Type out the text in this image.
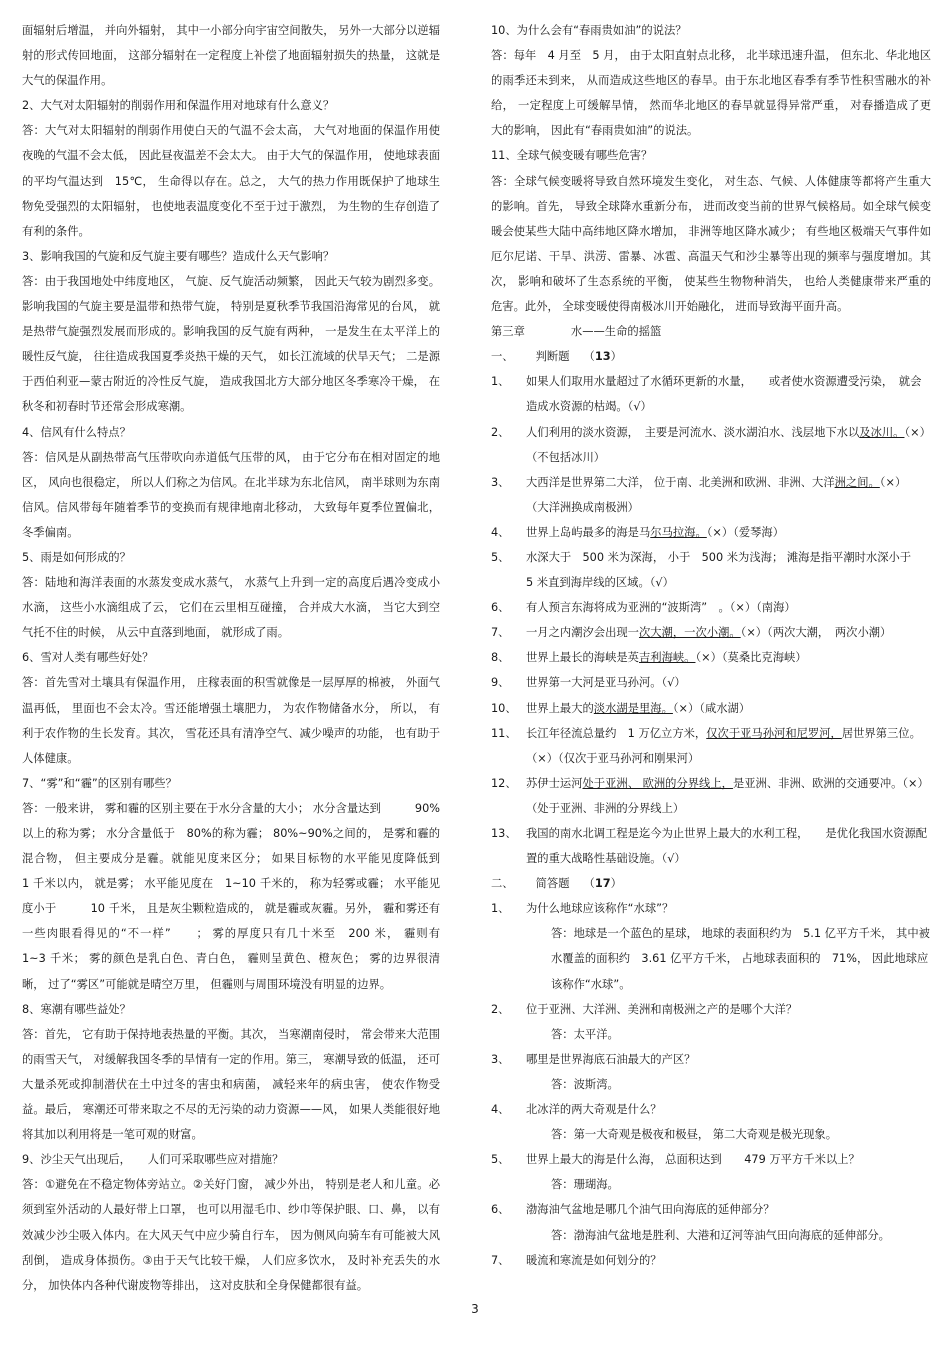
面辐射后增温， 并向外辐射， 其中一小部分向宇宙空间散失， 另外一大部分以逆辐射的形式传回地面， 这部分辐射在一定程度上补偿了地面辐射损失的热量， 这就是大气的保温作用。

2、大气对太阳辐射的削弱作用和保温作用对地球有什么意义？

答：大气对太阳辐射的削弱作用使白天的气温不会太高， 大气对地面的保温作用使夜晚的气温不会太低， 因此昼夜温差不会太大。 由于大气的保温作用， 使地球表面的平均气温达到　15℃， 生命得以存在。总之， 大气的热力作用既保护了地球生物免受强烈的太阳辐射， 也使地表温度变化不至于过于激烈， 为生物的生存创造了有利的条件。

3、影响我国的气旋和反气旋主要有哪些？造成什么天气影响？

答：由于我国地处中纬度地区， 气旋、反气旋活动频繁， 因此天气较为剧烈多变。影响我国的气旋主要是温带和热带气旋， 特别是夏秋季节我国沿海常见的台风， 就是热带气旋强烈发展而形成的。影响我国的反气旋有两种， 一是发生在太平洋上的暖性反气旋， 往往造成我国夏季炎热干燥的天气， 如长江流域的伏旱天气； 二是源于西伯利亚—蒙古附近的冷性反气旋， 造成我国北方大部分地区冬季寒冷干燥， 在秋冬和初春时节还常会形成寒潮。

4、信风有什么特点？

答：信风是从副热带高气压带吹向赤道低气压带的风， 由于它分布在相对固定的地区， 风向也很稳定， 所以人们称之为信风。在北半球为东北信风， 南半球则为东南信风。信风带每年随着季节的变换而有规律地南北移动， 大致每年夏季位置偏北，冬季偏南。

5、雨是如何形成的？

答：陆地和海洋表面的水蒸发变成水蒸气， 水蒸气上升到一定的高度后遇冷变成小水滴， 这些小水滴组成了云， 它们在云里相互碰撞， 合并成大水滴， 当它大到空气托不住的时候， 从云中直落到地面， 就形成了雨。

6、雪对人类有哪些好处？

答：首先雪对土壤具有保温作用， 庄稼表面的积雪就像是一层厚厚的棉被， 外面气温再低， 里面也不会太冷。雪还能增强土壤肥力， 为农作物储备水分， 所以， 有利于农作物的生长发育。其次， 雪花还具有清净空气、减少噪声的功能， 也有助于人体健康。

7、“雾”和“霾”的区别有哪些？

答：一般来讲， 雾和霾的区别主要在于水分含量的大小； 水分含量达到　　　90%以上的称为雾； 水分含量低于　80%的称为霾； 80%~90%之间的， 是雾和霾的混合物， 但主要成分是霾。就能见度来区分； 如果目标物的水平能见度降低到　　　1 千米以内， 就是雾； 水平能见度在　1~10 千米的， 称为轻雾或霾； 水平能见度小于　　　10 千米， 且是灰尘颗粒造成的， 就是霾或灰霾。另外， 霾和雾还有一些肉眼看得见的“不一样”　　； 雾的厚度只有几十米至　200 米， 霾则有　1~3 千米； 雾的颜色是乳白色、青白色， 霾则呈黄色、橙灰色； 雾的边界很清晰， 过了“雾区”可能就是晴空万里， 但霾则与周围环境没有明显的边界。

8、寒潮有哪些益处？

答：首先， 它有助于保持地表热量的平衡。其次， 当寒潮南侵时， 常会带来大范围的雨雪天气， 对缓解我国冬季的旱情有一定的作用。第三， 寒潮导致的低温， 还可大量杀死或抑制潜伏在土中过冬的害虫和病菌， 减轻来年的病虫害， 使农作物受益。最后， 寒潮还可带来取之不尽的无污染的动力资源——风， 如果人类能很好地将其加以利用将是一笔可观的财富。

9、沙尘天气出现后，　　人们可采取哪些应对措施？

答：①避免在不稳定物体旁站立。②关好门窗， 减少外出， 特别是老人和儿童。必须到室外活动的人最好带上口罩， 也可以用湿毛巾、纱巾等保护眼、口、鼻， 以有效减少沙尘吸入体内。在大风天气中应少骑自行车， 因为侧风向骑车有可能被大风刮倒， 造成身体损伤。③由于天气比较干燥， 人们应多饮水， 及时补充丢失的水分， 加快体内各种代谢废物等排出， 这对皮肤和全身保健都很有益。

10、为什么会有“春雨贵如油”的说法？

答：每年　4 月至　5 月， 由于太阳直射点北移， 北半球迅速升温， 但东北、华北地区的雨季还未到来， 从而造成这些地区的春旱。由于东北地区春季有季节性积雪融水的补给， 一定程度上可缓解旱情， 然而华北地区的春旱就显得异常严重， 对春播造成了更大的影响， 因此有“春雨贵如油”的说法。

11、全球气候变暖有哪些危害？

答：全球气候变暖将导致自然环境发生变化， 对生态、气候、人体健康等都将产生重大的影响。首先， 导致全球降水重新分布， 进而改变当前的世界气候格局。如全球气候变暖会使某些大陆中高纬地区降水增加， 非洲等地区降水减少； 有些地区极端天气事件如厄尔尼诺、干旱、洪涝、雷暴、冰雹、高温天气和沙尘暴等出现的频率与强度增加。其次， 影响和破坏了生态系统的平衡， 使某些生物物种消失， 也给人类健康带来严重的危害。此外， 全球变暖使得南极冰川开始融化， 进而导致海平面升高。

第三章	水——生命的摇篮

一、 判断题 （13）

1、 如果人们取用水量超过了水循环更新的水量，　　或者使水资源遭受污染，　就会造成水资源的枯竭。（√）
2、 人们利用的淡水资源，　主要是河流水、淡水湖泊水、浅层地下水以及冰川。（×）
（不包括冰川）
3、 大西洋是世界第二大洋， 位于南、北美洲和欧洲、非洲、大洋洲之间。（×）
（大洋洲换成南极洲）
4、 世界上岛屿最多的海是马尔马拉海。（×）（爱琴海）
5、 水深大于　500 米为深海， 小于　500 米为浅海； 滩海是指平潮时水深小于　　5 米直到海岸线的区域。（√）
6、 有人预言东海将成为亚洲的“波斯湾”　。（×）（南海）
7、 一月之内潮汐会出现一次大潮，一次小潮。（×）（两次大潮，　两次小潮）
8、 世界上最长的海峡是英吉利海峡。（×）（莫桑比克海峡）
9、 世界第一大河是亚马孙河。（√）
10、 世界上最大的淡水湖是里海。（×）（咸水湖）
11、 长江年径流总量约　1 万亿立方米，仅次于亚马孙河和尼罗河，居世界第三位。
（×）（仅次于亚马孙河和刚果河）
12、 苏伊士运河处于亚洲、 欧洲的分界线上，是亚洲、非洲、欧洲的交通要冲。（×）
（处于亚洲、非洲的分界线上）
13、 我国的南水北调工程是迄今为止世界上最大的水利工程，　　是优化我国水资源配置的重大战略性基础设施。（√）

二、 简答题 （17）

1、 为什么地球应该称作“水球”？

答：地球是一个蓝色的星球， 地球的表面积约为　5.1 亿平方千米， 其中被水覆盖的面积约　3.61 亿平方千米， 占地球表面积的　71%， 因此地球应该称作“水球”。

2、 位于亚洲、大洋洲、美洲和南极洲之产的是哪个大洋？

答：太平洋。

3、 哪里是世界海底石油最大的产区？

答：波斯湾。

4、 北冰洋的两大奇观是什么？

答：第一大奇观是极夜和极昼， 第二大奇观是极光现象。

5、 世界上最大的海是什么海， 总面积达到　　479 万平方千米以上？

答：珊瑚海。

6、 渤海油气盆地是哪几个油气田向海底的延伸部分？

答：渤海油气盆地是胜利、大港和辽河等油气田向海底的延伸部分。

7、 暖流和寒流是如何划分的？
3
